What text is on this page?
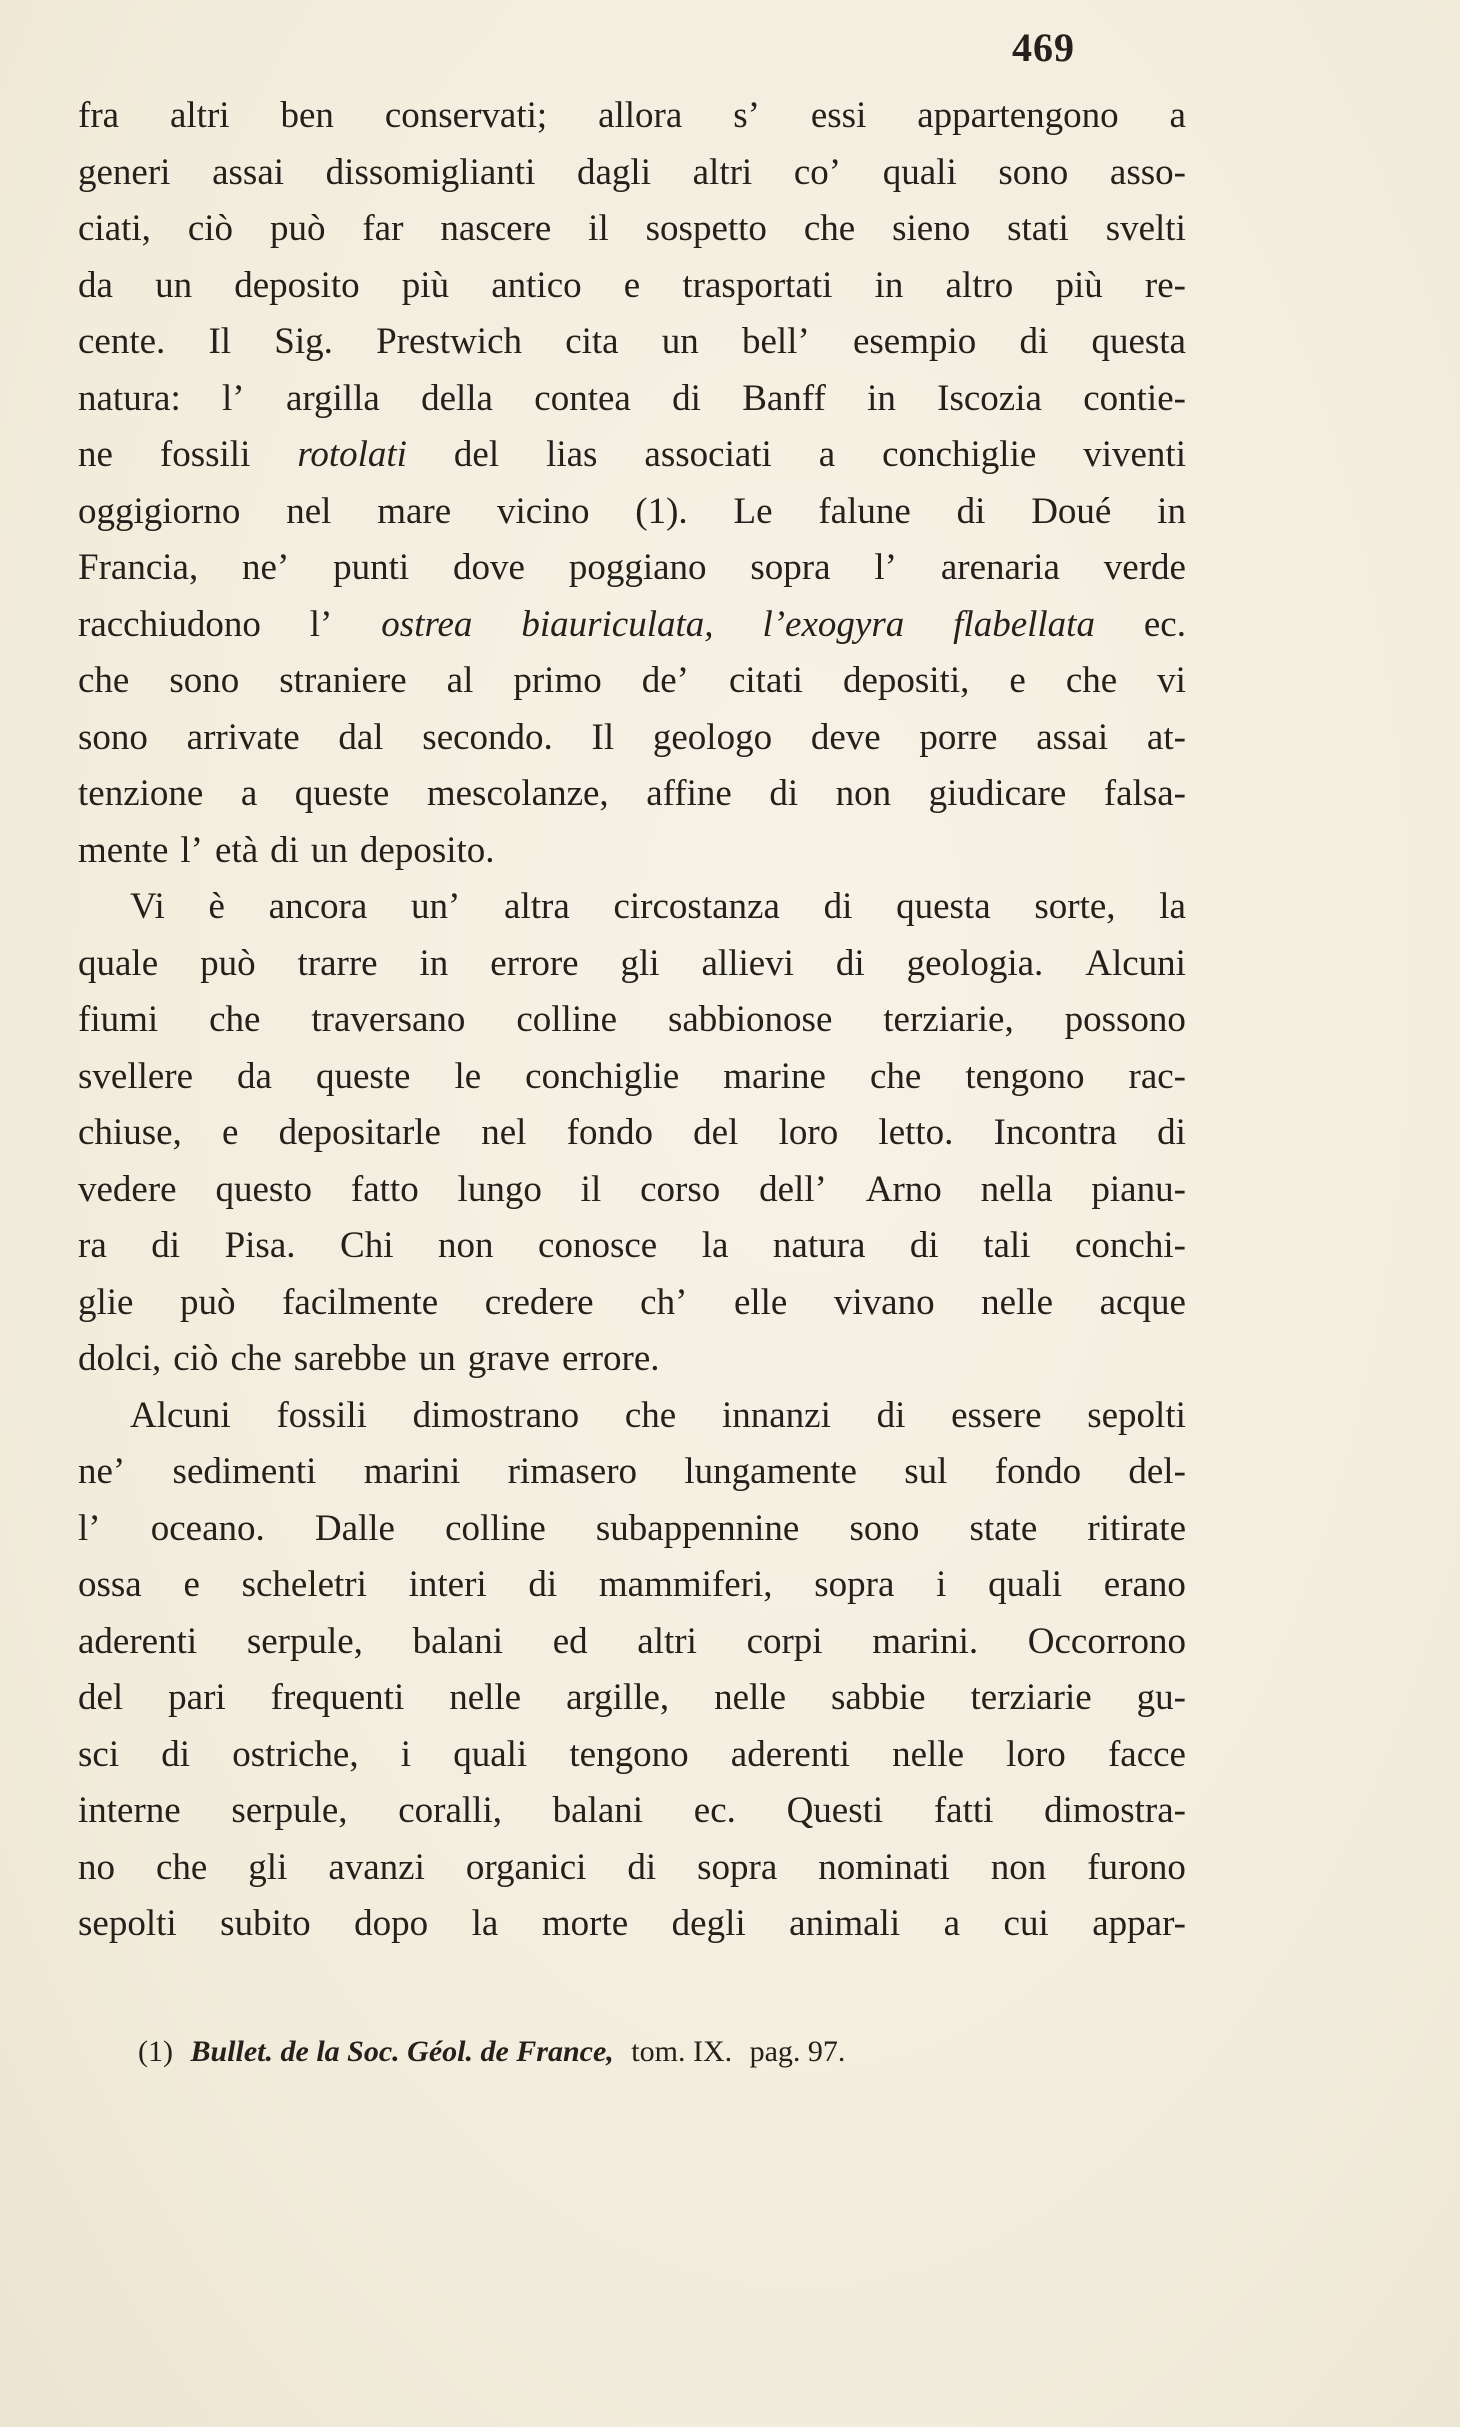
469
fra altri ben conservati; allora s’ essi appartengono a
generi assai dissomiglianti dagli altri co’ quali sono asso-
ciati, ciò può far nascere il sospetto che sieno stati svelti
da un deposito più antico e trasportati in altro più re-
cente. Il Sig. Prestwich cita un bell’ esempio di questa
natura: l’ argilla della contea di Banff in Iscozia contie-
ne fossili rotolati del lias associati a conchiglie viventi
oggigiorno nel mare vicino (1). Le falune di Doué in
Francia, ne’ punti dove poggiano sopra l’ arenaria verde
racchiudono l’ ostrea biauriculata, l’exogyra flabellata ec.
che sono straniere al primo de’ citati depositi, e che vi
sono arrivate dal secondo. Il geologo deve porre assai at-
tenzione a queste mescolanze, affine di non giudicare falsa-
mente l’ età di un deposito.
Vi è ancora un’ altra circostanza di questa sorte, la
quale può trarre in errore gli allievi di geologia. Alcuni
fiumi che traversano colline sabbionose terziarie, possono
svellere da queste le conchiglie marine che tengono rac-
chiuse, e depositarle nel fondo del loro letto. Incontra di
vedere questo fatto lungo il corso dell’ Arno nella pianu-
ra di Pisa. Chi non conosce la natura di tali conchi-
glie può facilmente credere ch’ elle vivano nelle acque
dolci, ciò che sarebbe un grave errore.
Alcuni fossili dimostrano che innanzi di essere sepolti
ne’ sedimenti marini rimasero lungamente sul fondo del-
l’ oceano. Dalle colline subappennine sono state ritirate
ossa e scheletri interi di mammiferi, sopra i quali erano
aderenti serpule, balani ed altri corpi marini. Occorrono
del pari frequenti nelle argille, nelle sabbie terziarie gu-
sci di ostriche, i quali tengono aderenti nelle loro facce
interne serpule, coralli, balani ec. Questi fatti dimostra-
no che gli avanzi organici di sopra nominati non furono
sepolti subito dopo la morte degli animali a cui appar-
(1) Bullet. de la Soc. Géol. de France, tom. IX. pag. 97.
